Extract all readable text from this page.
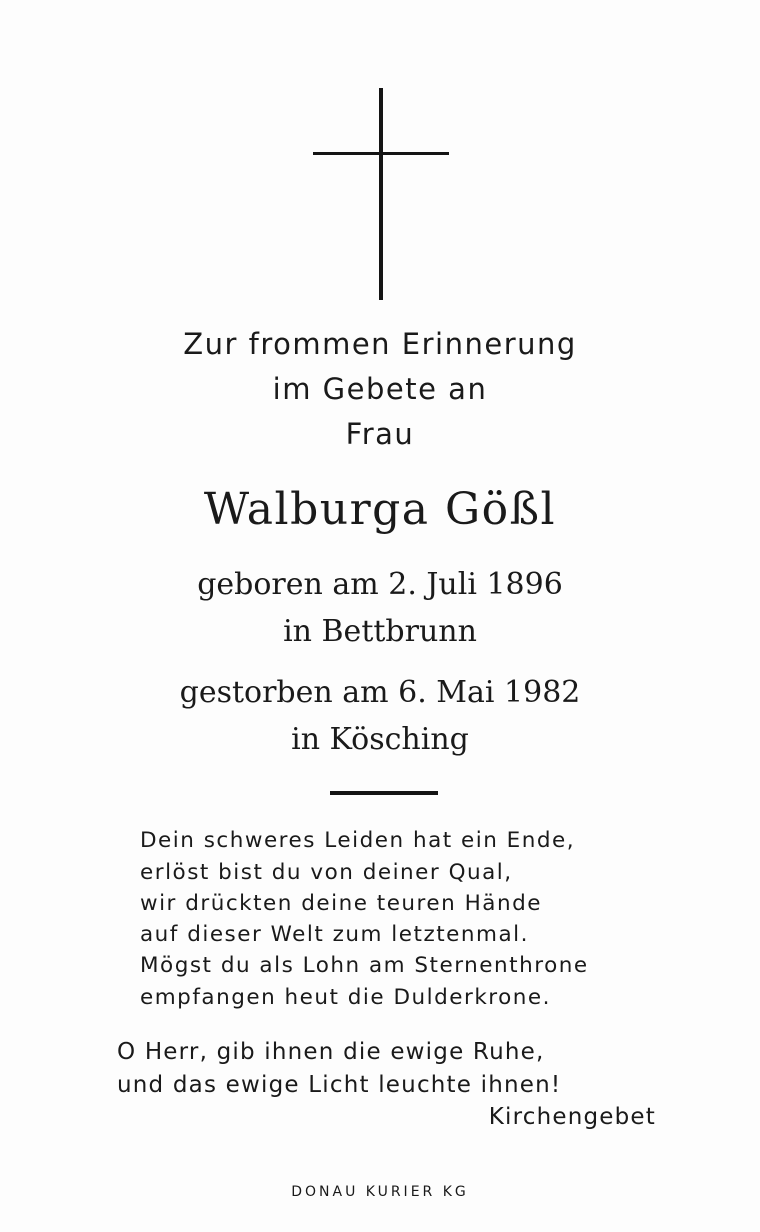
Zur frommen Erinnerung
im Gebete an
Frau
Walburga Gößl
geboren am 2. Juli 1896
in Bettbrunn
gestorben am 6. Mai 1982
in Kösching
Dein schweres Leiden hat ein Ende,
erlöst bist du von deiner Qual,
wir drückten deine teuren Hände
auf dieser Welt zum letztenmal.
Mögst du als Lohn am Sternenthrone
empfangen heut die Dulderkrone.
O Herr, gib ihnen die ewige Ruhe,
und das ewige Licht leuchte ihnen!
Kirchengebet
DONAU KURIER KG
